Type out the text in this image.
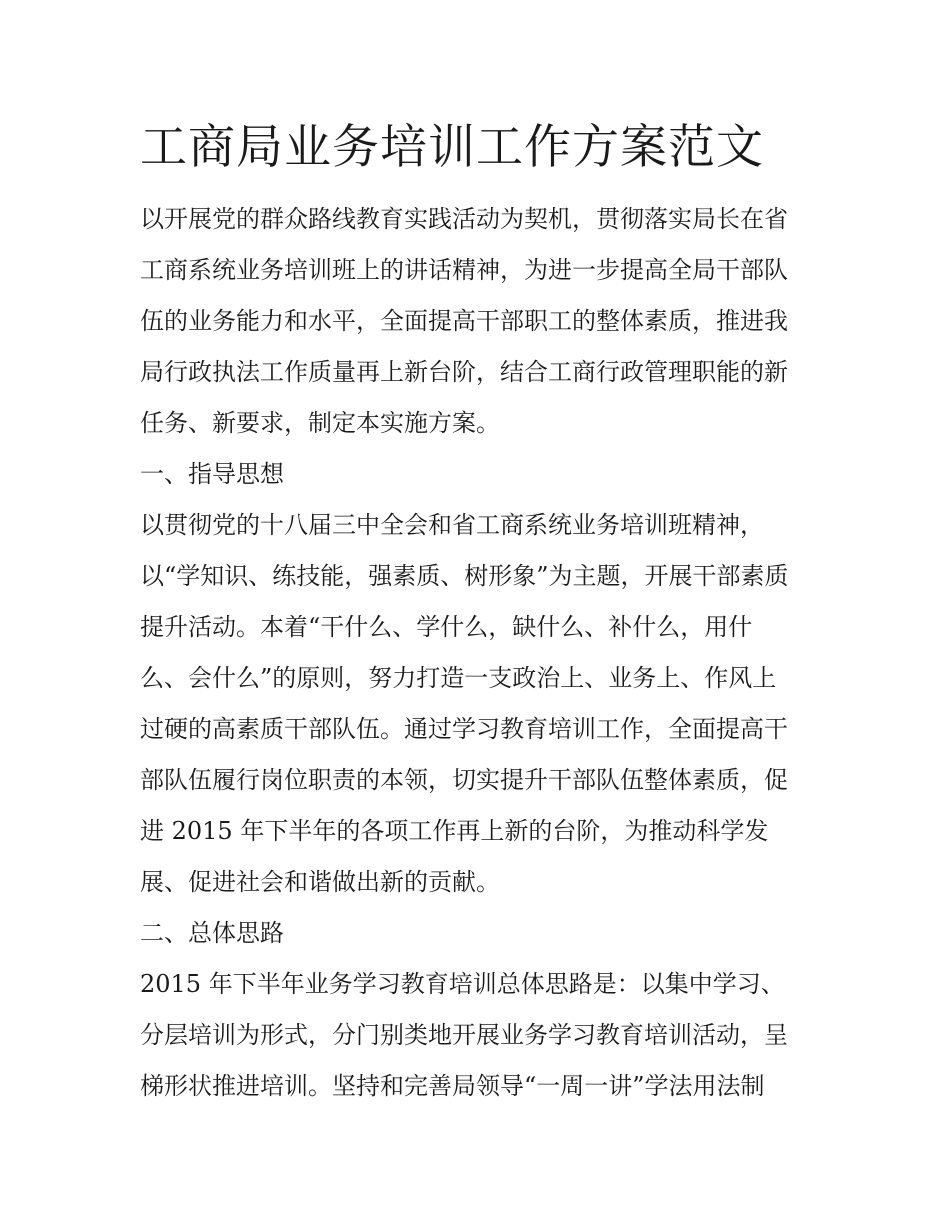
工商局业务培训工作方案范文
以开展党的群众路线教育实践活动为契机，贯彻落实局长在省
工商系统业务培训班上的讲话精神，为进一步提高全局干部队
伍的业务能力和水平，全面提高干部职工的整体素质，推进我
局行政执法工作质量再上新台阶，结合工商行政管理职能的新
任务、新要求，制定本实施方案。
一、指导思想
以贯彻党的十八届三中全会和省工商系统业务培训班精神，
以“学知识、练技能，强素质、树形象”为主题，开展干部素质
提升活动。本着“干什么、学什么，缺什么、补什么，用什
么、会什么”的原则，努力打造一支政治上、业务上、作风上
过硬的高素质干部队伍。通过学习教育培训工作，全面提高干
部队伍履行岗位职责的本领，切实提升干部队伍整体素质，促
进 2015 年下半年的各项工作再上新的台阶，为推动科学发
展、促进社会和谐做出新的贡献。
二、总体思路
2015 年下半年业务学习教育培训总体思路是：以集中学习、
分层培训为形式，分门别类地开展业务学习教育培训活动，呈
梯形状推进培训。坚持和完善局领导“一周一讲”学法用法制
